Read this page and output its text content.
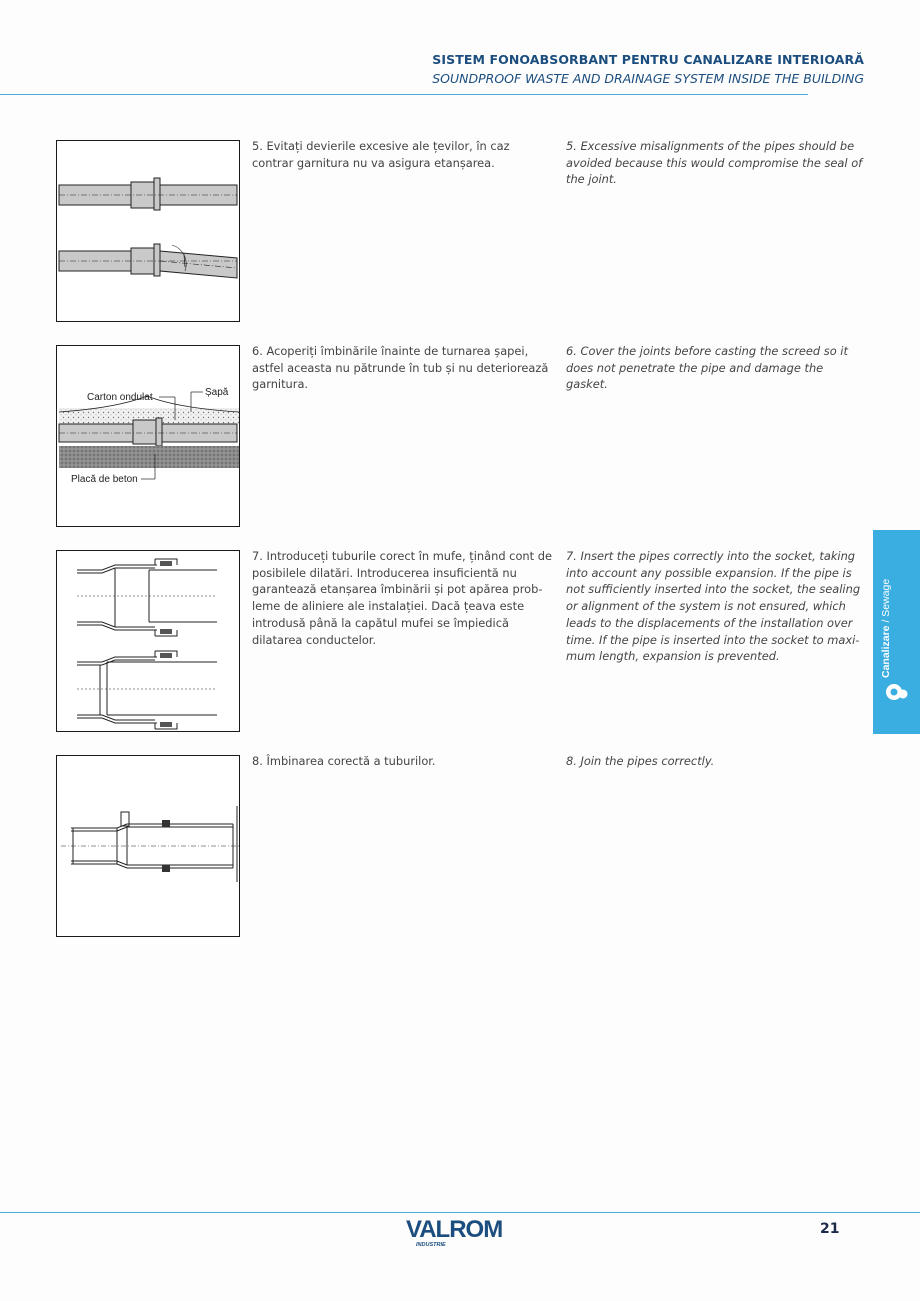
SISTEM FONOABSORBANT PENTRU CANALIZARE INTERIOARĂ
SOUNDPROOF WASTE AND DRAINAGE SYSTEM INSIDE THE BUILDING
5. Evitați devierile excesive ale țevilor, în caz contrar garnitura nu va asigura etanșarea.
5. Excessive misalignments of the pipes should be avoided because this would compromise the seal of the joint.
Carton ondulat	Șapă
Placă de beton
6. Acoperiți îmbinările înainte de turnarea șapei, astfel aceasta nu pătrunde în tub și nu deteriorează garnitura.
6. Cover the joints before casting the screed so it does not penetrate the pipe and damage the gasket.
7. Introduceți tuburile corect în mufe, ținând cont de posibilele dilatări. Introducerea insuficientă nu garantează etanșarea îmbinării și pot apărea prob-leme de aliniere ale instalației. Dacă țeava este introdusă până la capătul mufei se împiedică dilatarea conductelor.
7. Insert the pipes correctly into the socket, taking into account any possible expansion. If the pipe is not sufficiently inserted into the socket, the sealing or alignment of the system is not ensured, which leads to the displacements of the installation over time. If the pipe is inserted into the socket to maxi-mum length, expansion is prevented.
8. Îmbinarea corectă a tuburilor.	8. Join the pipes correctly.
Canalizare / Sewage
VALROM
INDUSTRIE
21
